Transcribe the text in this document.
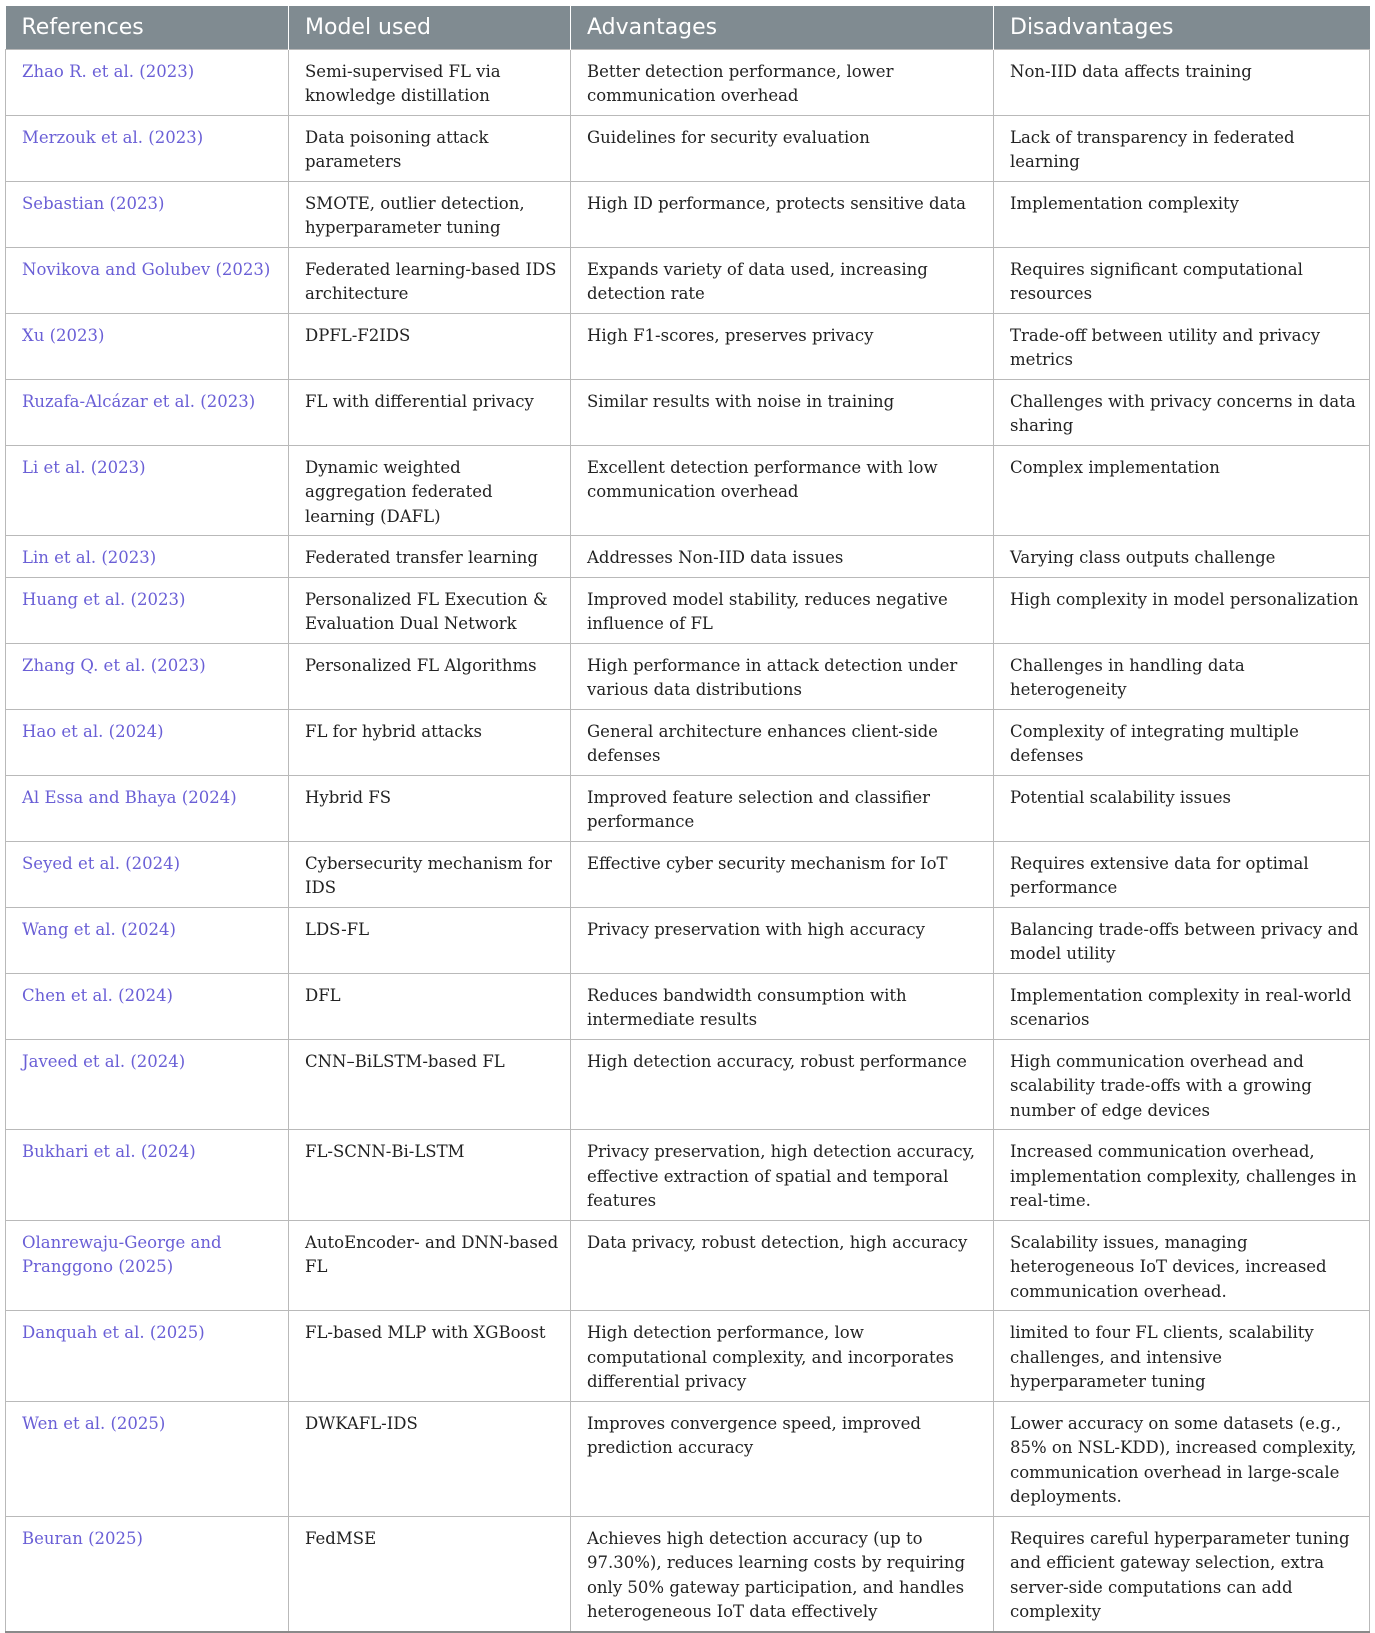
References	Model used	Advantages	Disadvantages
Zhao R. et al. (2023)	Semi-supervised FL via knowledge distillation	Better detection performance, lower communication overhead	Non-IID data affects training
Merzouk et al. (2023)	Data poisoning attack parameters	Guidelines for security evaluation	Lack of transparency in federated learning
Sebastian (2023)	SMOTE, outlier detection, hyperparameter tuning	High ID performance, protects sensitive data	Implementation complexity
Novikova and Golubev (2023)	Federated learning-based IDS architecture	Expands variety of data used, increasing detection rate	Requires significant computational resources
Xu (2023)	DPFL-F2IDS	High F1-scores, preserves privacy	Trade-off between utility and privacy metrics
Ruzafa-Alcázar et al. (2023)	FL with differential privacy	Similar results with noise in training	Challenges with privacy concerns in data sharing
Li et al. (2023)	Dynamic weighted aggregation federated learning (DAFL)	Excellent detection performance with low communication overhead	Complex implementation
Lin et al. (2023)	Federated transfer learning	Addresses Non-IID data issues	Varying class outputs challenge
Huang et al. (2023)	Personalized FL Execution & Evaluation Dual Network	Improved model stability, reduces negative influence of FL	High complexity in model personalization
Zhang Q. et al. (2023)	Personalized FL Algorithms	High performance in attack detection under various data distributions	Challenges in handling data heterogeneity
Hao et al. (2024)	FL for hybrid attacks	General architecture enhances client-side defenses	Complexity of integrating multiple defenses
Al Essa and Bhaya (2024)	Hybrid FS	Improved feature selection and classifier performance	Potential scalability issues
Seyed et al. (2024)	Cybersecurity mechanism for IDS	Effective cyber security mechanism for IoT	Requires extensive data for optimal performance
Wang et al. (2024)	LDS-FL	Privacy preservation with high accuracy	Balancing trade-offs between privacy and model utility
Chen et al. (2024)	DFL	Reduces bandwidth consumption with intermediate results	Implementation complexity in real-world scenarios
Javeed et al. (2024)	CNN–BiLSTM-based FL	High detection accuracy, robust performance	High communication overhead and scalability trade-offs with a growing number of edge devices
Bukhari et al. (2024)	FL-SCNN-Bi-LSTM	Privacy preservation, high detection accuracy, effective extraction of spatial and temporal features	Increased communication overhead, implementation complexity, challenges in real-time.
Olanrewaju-George and Pranggono (2025)	AutoEncoder- and DNN-based FL	Data privacy, robust detection, high accuracy	Scalability issues, managing heterogeneous IoT devices, increased communication overhead.
Danquah et al. (2025)	FL-based MLP with XGBoost	High detection performance, low computational complexity, and incorporates differential privacy	limited to four FL clients, scalability challenges, and intensive hyperparameter tuning
Wen et al. (2025)	DWKAFL-IDS	Improves convergence speed, improved prediction accuracy	Lower accuracy on some datasets (e.g., 85% on NSL-KDD), increased complexity, communication overhead in large-scale deployments.
Beuran (2025)	FedMSE	Achieves high detection accuracy (up to 97.30%), reduces learning costs by requiring only 50% gateway participation, and handles heterogeneous IoT data effectively	Requires careful hyperparameter tuning and efficient gateway selection, extra server-side computations can add complexity
